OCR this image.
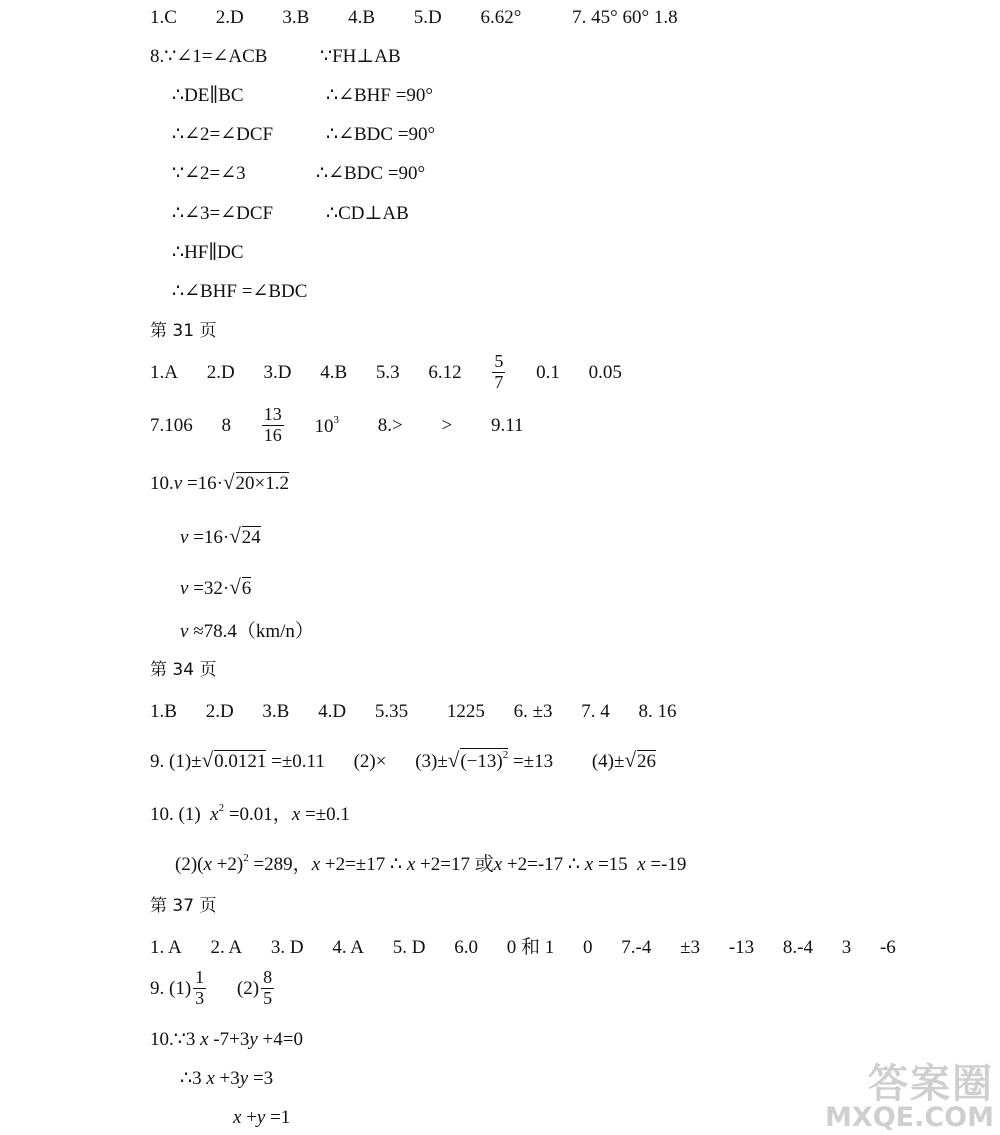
1.C 2.D 3.B 4.B 5.D 6.62°	7. 45° 60° 1.8
8.∵∠1=∠ACB	∵FH⊥AB
∴DE∥BC	∴∠BHF =90°
∴∠2=∠DCF	∴∠BDC =90°
∵∠2=∠3	∴∠BDC =90°
∴∠3=∠DCF	∴CD⊥AB
∴HF∥DC
∴∠BHF =∠BDC
第 31 页
1.A 2.D 3.D 4.B 5.3 $6.12 \frac{5}{7} 0.1$ 0.05
7.106 $8 \frac{13}{16} 10^3$ 8.> > 9.11
10.v =16·√20×1.2
v =16·√24
v =32·√6
v ≈78.4（km/n）
第 34 页
1.B 2.D 3.B 4.D 5.35 1225 6. ±3 7. 4 8. 16
9. (1)±√0.0121 =±0.11 $(2)\times (3)\pm√(-13)^2 =\pm 13$ (4)±√26
10. (1)  $x^2 =0.01$，x =±0.1
$(2)(x +2)^2 =289$，x +2=±17 ∴ x +2=17 或x +2=-17 ∴ x =15  x =-19
第 37 页
1. A 2. A 3. D 4. A 5. D 6.0 0 和 1 0 7.-4 ±3 -13 8.-4 3 -6
9. $(1) \frac{1}{3} (2) \frac{8}{5}$
10.∵3 x -7+3y +4=0
∴3 x +3y =3
x +y =1
答案圈
MXQE.COM
